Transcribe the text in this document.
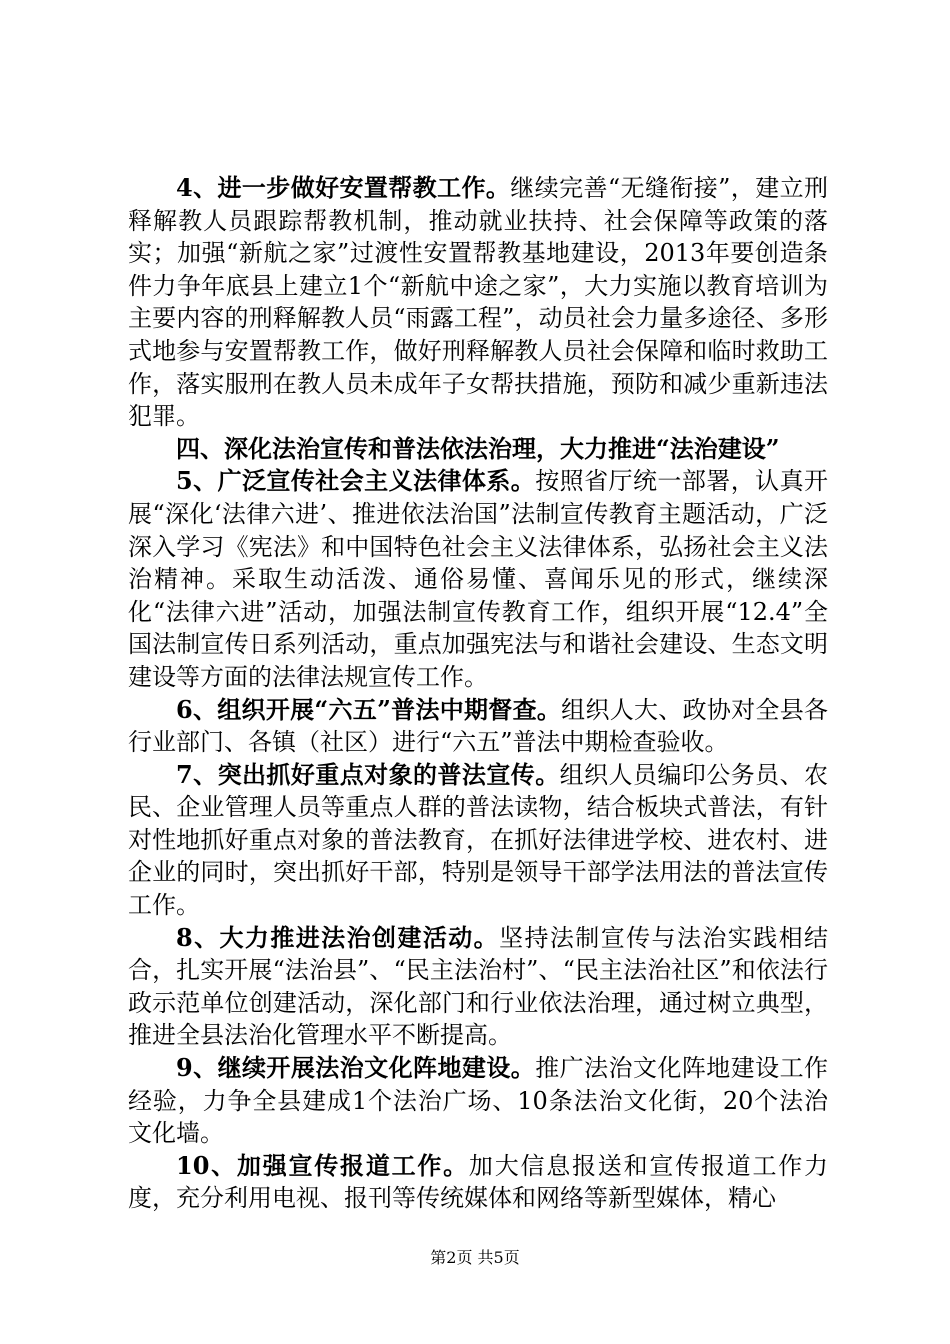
4、进一步做好安置帮教工作。继续完善“无缝衔接”，建立刑释解教人员跟踪帮教机制，推动就业扶持、社会保障等政策的落实；加强“新航之家”过渡性安置帮教基地建设，2013年要创造条件力争年底县上建立1个“新航中途之家”，大力实施以教育培训为主要内容的刑释解教人员“雨露工程”，动员社会力量多途径、多形式地参与安置帮教工作，做好刑释解教人员社会保障和临时救助工作，落实服刑在教人员未成年子女帮扶措施，预防和减少重新违法犯罪。

四、深化法治宣传和普法依法治理，大力推进“法治建设”

5、广泛宣传社会主义法律体系。按照省厅统一部署，认真开展“深化‘法律六进’、推进依法治国”法制宣传教育主题活动，广泛深入学习《宪法》和中国特色社会主义法律体系，弘扬社会主义法治精神。采取生动活泼、通俗易懂、喜闻乐见的形式，继续深化“法律六进”活动，加强法制宣传教育工作，组织开展“12.4”全国法制宣传日系列活动，重点加强宪法与和谐社会建设、生态文明建设等方面的法律法规宣传工作。

6、组织开展“六五”普法中期督查。组织人大、政协对全县各行业部门、各镇（社区）进行“六五”普法中期检查验收。

7、突出抓好重点对象的普法宣传。组织人员编印公务员、农民、企业管理人员等重点人群的普法读物，结合板块式普法，有针对性地抓好重点对象的普法教育，在抓好法律进学校、进农村、进企业的同时，突出抓好干部，特别是领导干部学法用法的普法宣传工作。

8、大力推进法治创建活动。坚持法制宣传与法治实践相结合，扎实开展“法治县”、“民主法治村”、“民主法治社区”和依法行政示范单位创建活动，深化部门和行业依法治理，通过树立典型，推进全县法治化管理水平不断提高。

9、继续开展法治文化阵地建设。推广法治文化阵地建设工作经验，力争全县建成1个法治广场、10条法治文化街，20个法治文化墙。

10、加强宣传报道工作。加大信息报送和宣传报道工作力度，充分利用电视、报刊等传统媒体和网络等新型媒体，精心

第2页 共5页
